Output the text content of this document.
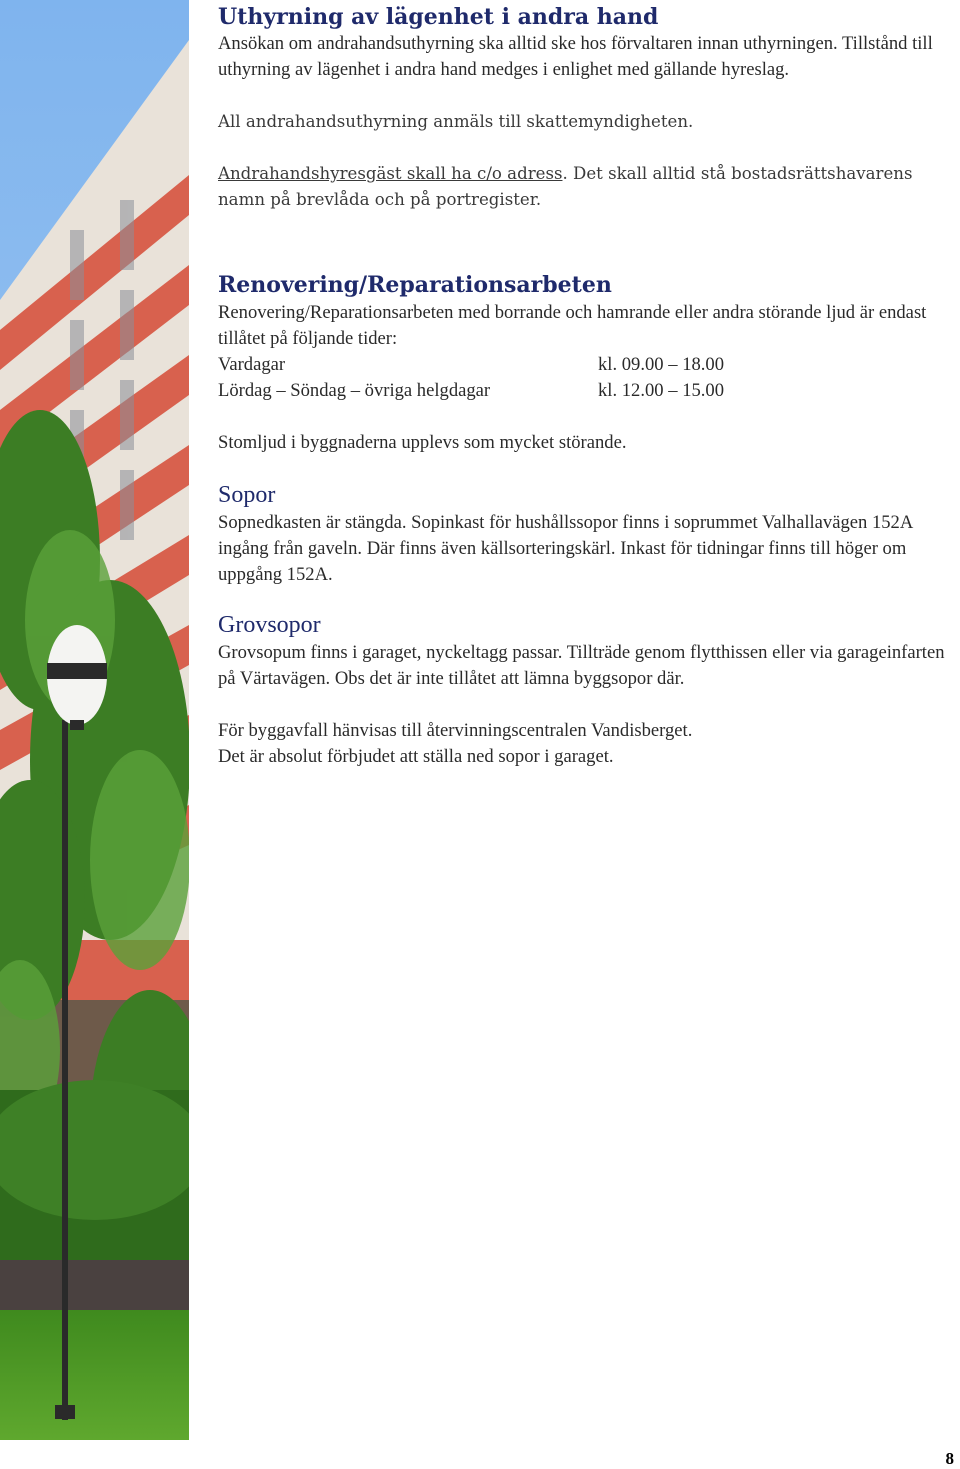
Uthyrning av lägenhet i andra hand

Ansökan om andrahandsuthyrning ska alltid ske hos förvaltaren innan uthyrningen. Tillstånd till uthyrning av lägenhet i andra hand medges i enlighet med gällande hyreslag.

All andrahandsuthyrning anmäls till skattemyndigheten.

Andrahandshyresgäst skall ha c/o adress. Det skall alltid stå bostadsrättshavarens namn på brevlåda och på portregister.

Renovering/Reparationsarbeten

Renovering/Reparationsarbeten med borrande och hamrande eller andra störande ljud är endast tillåtet på följande tider:

Vardagar	kl. 09.00 – 18.00
Lördag – Söndag – övriga helgdagar	kl. 12.00 – 15.00

Stomljud i byggnaderna upplevs som mycket störande.

Sopor

Sopnedkasten är stängda. Sopinkast för hushållssopor finns i soprummet Valhallavägen 152A ingång från gaveln. Där finns även källsorteringskärl. Inkast för tidningar finns till höger om uppgång 152A.

Grovsopor

Grovsopum finns i garaget, nyckeltagg passar. Tillträde genom flytthissen eller via garageinfarten på Värtavägen. Obs det är inte tillåtet att lämna byggsopor där.

För byggavfall hänvisas till återvinningscentralen Vandisberget.

Det är absolut förbjudet att ställa ned sopor i garaget.

8
